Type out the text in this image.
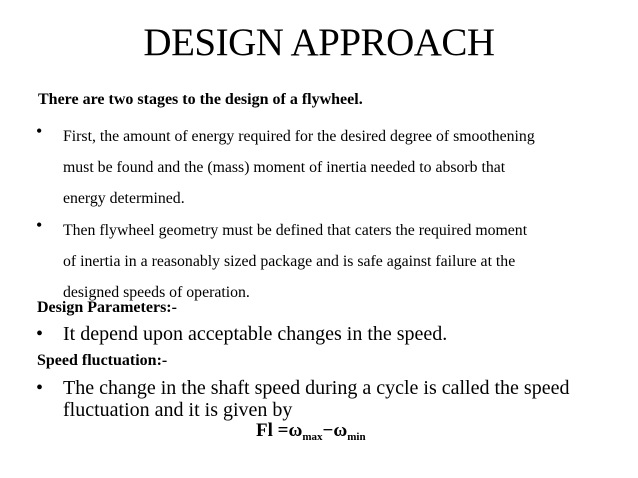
DESIGN APPROACH
There are two stages to the design of a flywheel.
• First, the amount of energy required for the desired degree of smoothening
must be found and the (mass) moment of inertia needed to absorb that
energy determined.
• Then flywheel geometry must be defined that caters the required moment
of inertia in a reasonably sized package and is safe against failure at the
designed speeds of operation.
Design Parameters:-
• It depend upon acceptable changes in the speed.
Speed fluctuation:-
• The change in the shaft speed during a cycle is called the speed
fluctuation and it is given by
$Fl =\omega_{max}-\omega_{min}$
